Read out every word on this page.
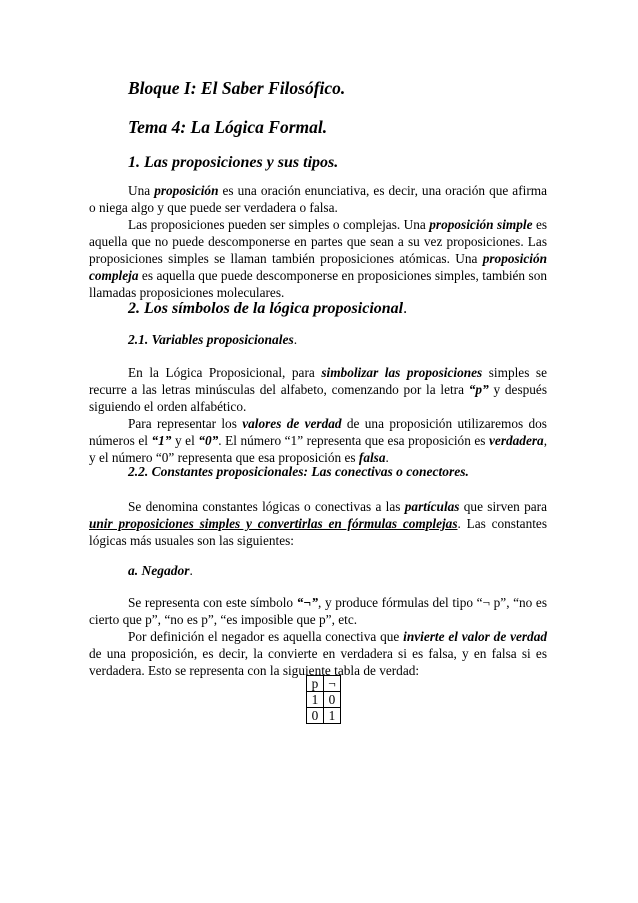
Bloque I: El Saber Filosófico.
Tema 4: La Lógica Formal.
1. Las proposiciones y sus tipos.

Una proposición es una oración enunciativa, es decir, una oración que afirma o niega algo y que puede ser verdadera o falsa.

Las proposiciones pueden ser simples o complejas. Una proposición simple es aquella que no puede descomponerse en partes que sean a su vez proposiciones. Las proposiciones simples se llaman también proposiciones atómicas. Una proposición compleja es aquella que puede descomponerse en proposiciones simples, también son llamadas proposiciones moleculares.

2. Los símbolos de la lógica proposicional.
2.1. Variables proposicionales.

En la Lógica Proposicional, para simbolizar las proposiciones simples se recurre a las letras minúsculas del alfabeto, comenzando por la letra “p” y después siguiendo el orden alfabético.

Para representar los valores de verdad de una proposición utilizaremos dos números el “1” y el “0”. El número “1” representa que esa proposición es verdadera, y el número “0” representa que esa proposición es falsa.

2.2. Constantes proposicionales: Las conectivas o conectores.

Se denomina constantes lógicas o conectivas a las partículas que sirven para unir proposiciones simples y convertirlas en fórmulas complejas. Las constantes lógicas más usuales son las siguientes:

a. Negador.

Se representa con este símbolo “¬”, y produce fórmulas del tipo “¬ p”, “no es cierto que p”, “no es p”, “es imposible que p”, etc.

Por definición el negador es aquella conectiva que invierte el valor de verdad de una proposición, es decir, la convierte en verdadera si es falsa, y en falsa si es verdadera. Esto se representa con la siguiente tabla de verdad:

p	¬
1	0
0	1
